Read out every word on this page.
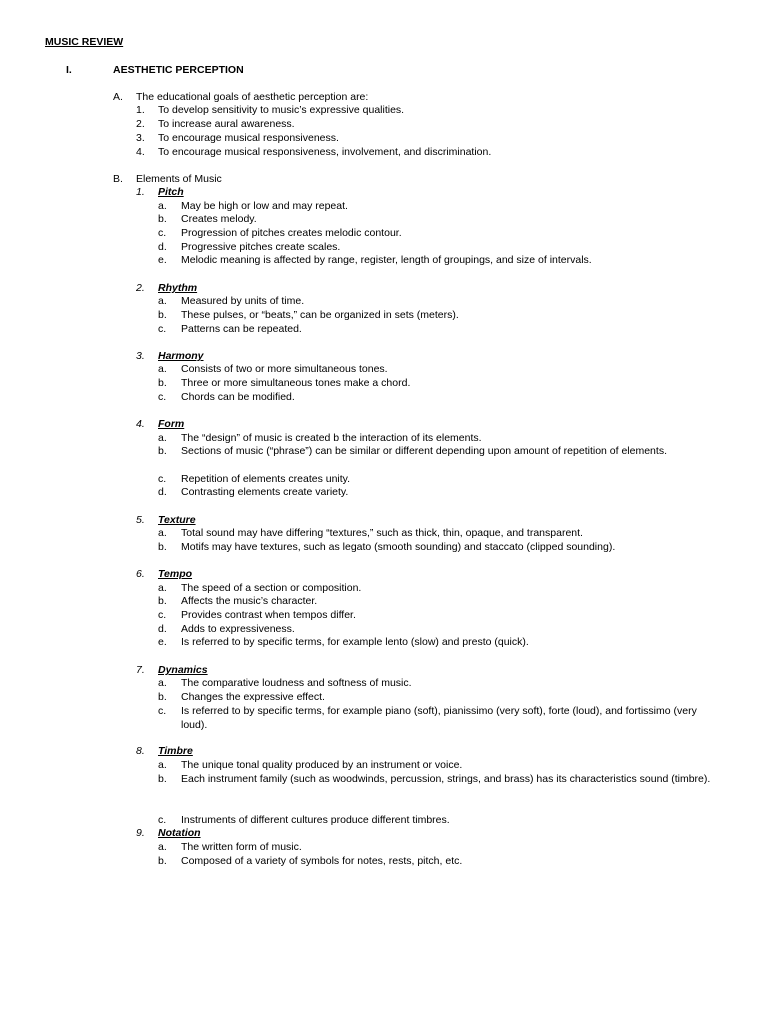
MUSIC REVIEW
I.	AESTHETIC PERCEPTION
A. The educational goals of aesthetic perception are:
1. To develop sensitivity to music’s expressive qualities.
2. To increase aural awareness.
3. To encourage musical responsiveness.
4. To encourage musical responsiveness, involvement, and discrimination.
B. Elements of Music
1. Pitch
a. May be high or low and may repeat.
b. Creates melody.
c. Progression of pitches creates melodic contour.
d. Progressive pitches create scales.
e. Melodic meaning is affected by range, register, length of groupings, and size of intervals.
2. Rhythm
a. Measured by units of time.
b. These pulses, or “beats,” can be organized in sets (meters).
c. Patterns can be repeated.
3. Harmony
a. Consists of two or more simultaneous tones.
b. Three or more simultaneous tones make a chord.
c. Chords can be modified.
4. Form
a. The “design” of music is created b the interaction of its elements.
b. Sections of music (“phrase”) can be similar or different depending upon amount of repetition of elements.
c. Repetition of elements creates unity.
d. Contrasting elements create variety.
5. Texture
a. Total sound may have differing “textures,” such as thick, thin, opaque, and transparent.
b. Motifs may have textures, such as legato (smooth sounding) and staccato (clipped sounding).
6. Tempo
a. The speed of a section or composition.
b. Affects the music’s character.
c. Provides contrast when tempos differ.
d. Adds to expressiveness.
e. Is referred to by specific terms, for example lento (slow) and presto (quick).
7. Dynamics
a. The comparative loudness and softness of music.
b. Changes the expressive effect.
c. Is referred to by specific terms, for example piano (soft), pianissimo (very soft), forte (loud), and fortissimo (very loud).
8. Timbre
a. The unique tonal quality produced by an instrument or voice.
b. Each instrument family (such as woodwinds, percussion, strings, and brass) has its characteristics sound (timbre).
c. Instruments of different cultures produce different timbres.
9. Notation
a. The written form of music.
b. Composed of a variety of symbols for notes, rests, pitch, etc.
